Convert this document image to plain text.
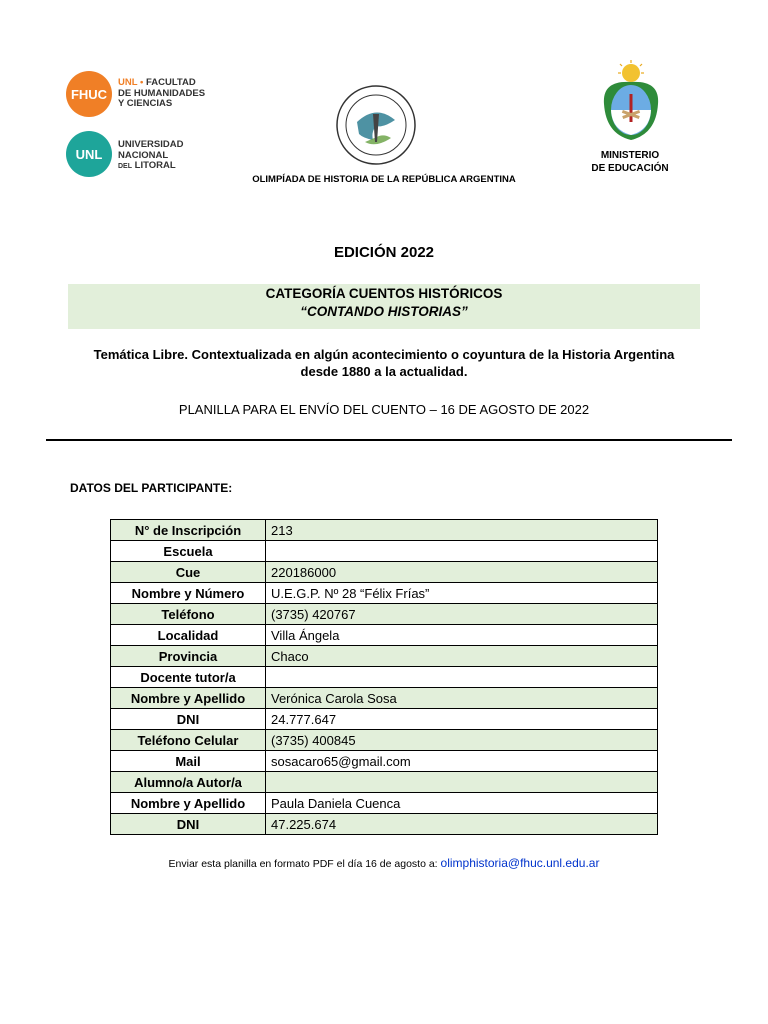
FHUC
UNL • FACULTAD
DE HUMANIDADES
Y CIENCIAS
UNL
UNIVERSIDAD
NACIONAL
DEL LITORAL
MINISTERIO
DE EDUCACIÓN
OLIMPÍADA DE HISTORIA DE LA REPÚBLICA ARGENTINA
EDICIÓN 2022
CATEGORÍA CUENTOS HISTÓRICOS
“CONTANDO HISTORIAS”
Temática Libre. Contextualizada en algún acontecimiento o coyuntura de la Historia Argentina desde 1880 a la actualidad.
PLANILLA PARA EL ENVÍO DEL CUENTO – 16 DE AGOSTO DE 2022
DATOS DEL PARTICIPANTE:
N° de Inscripción	213
Escuela	
Cue	220186000
Nombre y Número	U.E.G.P. Nº 28 “Félix Frías”
Teléfono	(3735) 420767
Localidad	Villa Ángela
Provincia	Chaco
Docente tutor/a	
Nombre y Apellido	Verónica Carola Sosa
DNI	24.777.647
Teléfono Celular	(3735) 400845
Mail	sosacaro65@gmail.com
Alumno/a Autor/a	
Nombre y Apellido	Paula Daniela Cuenca
DNI	47.225.674
Enviar esta planilla en formato PDF el día 16 de agosto a: olimphistoria@fhuc.unl.edu.ar
